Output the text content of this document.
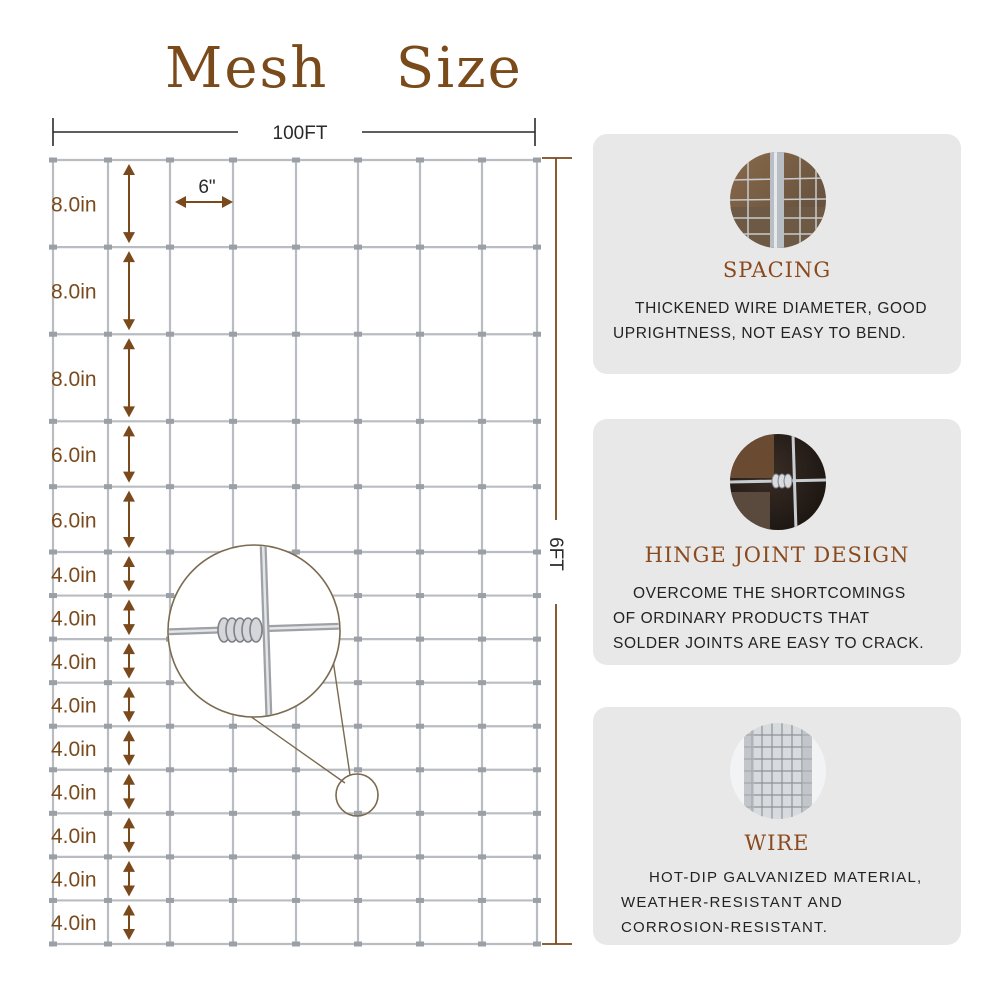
Mesh  Size
100FT
6FT
8.0in
8.0in
8.0in
6.0in
6.0in
4.0in
4.0in
4.0in
4.0in
4.0in
4.0in
4.0in
4.0in
4.0in
6"
SPACING
THICKENED WIRE DIAMETER, GOOD UPRIGHTNESS, NOT EASY TO BEND.
HINGE JOINT DESIGN
OVERCOME THE SHORTCOMINGS OF ORDINARY PRODUCTS THAT SOLDER JOINTS ARE EASY TO CRACK.
WIRE
HOT-DIP GALVANIZED MATERIAL, WEATHER-RESISTANT AND CORROSION-RESISTANT.
